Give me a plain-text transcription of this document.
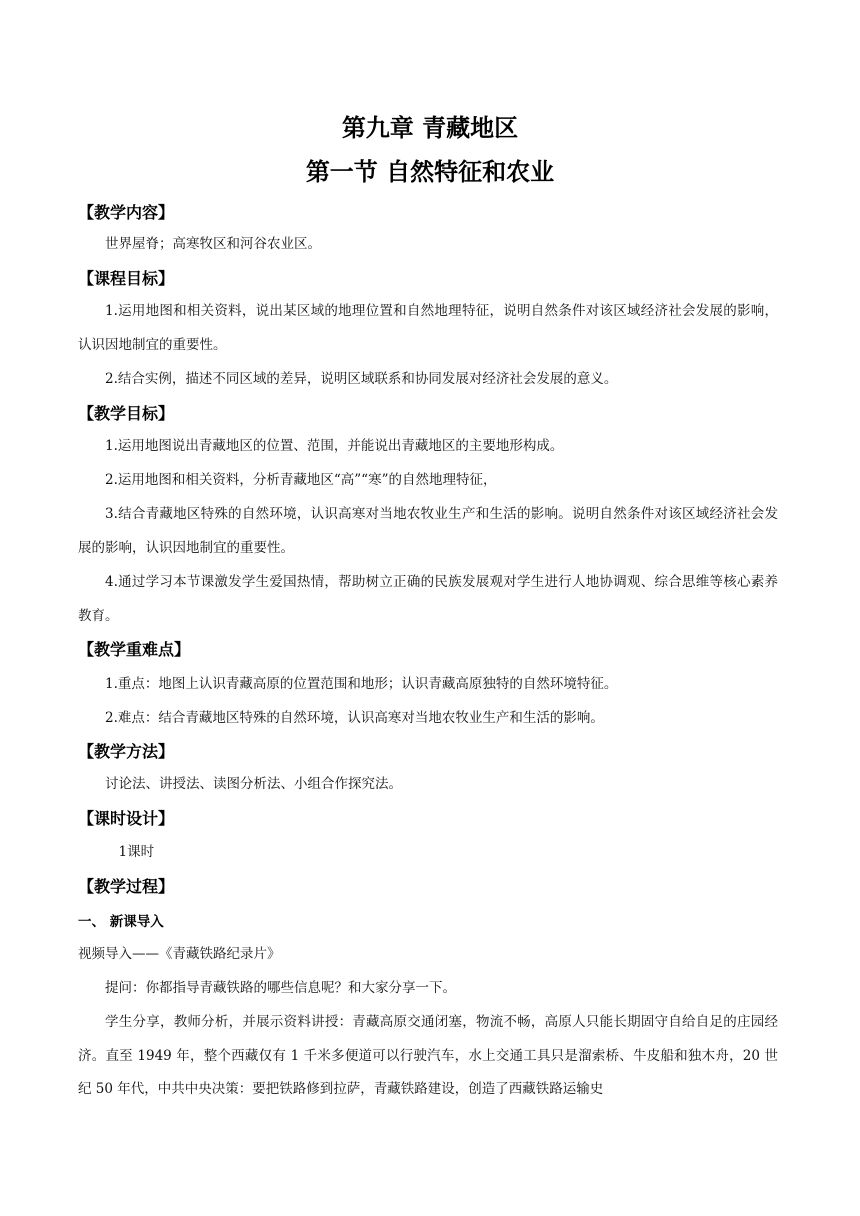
第九章 青藏地区
第一节 自然特征和农业
【教学内容】

世界屋脊；高寒牧区和河谷农业区。

【课程目标】

1.运用地图和相关资料，说出某区域的地理位置和自然地理特征，说明自然条件对该区域经济社会发展的影响，认识因地制宜的重要性。

2.结合实例，描述不同区域的差异，说明区域联系和协同发展对经济社会发展的意义。

【教学目标】

1.运用地图说出青藏地区的位置、范围，并能说出青藏地区的主要地形构成。

2.运用地图和相关资料，分析青藏地区“高”“寒”的自然地理特征，

3.结合青藏地区特殊的自然环境，认识高寒对当地农牧业生产和生活的影响。说明自然条件对该区域经济社会发展的影响，认识因地制宜的重要性。

4.通过学习本节课激发学生爱国热情，帮助树立正确的民族发展观对学生进行人地协调观、综合思维等核心素养教育。

【教学重难点】

1.重点：地图上认识青藏高原的位置范围和地形；认识青藏高原独特的自然环境特征。

2.难点：结合青藏地区特殊的自然环境，认识高寒对当地农牧业生产和生活的影响。

【教学方法】

讨论法、讲授法、读图分析法、小组合作探究法。

【课时设计】

1课时

【教学过程】
一、 新课导入

视频导入——《青藏铁路纪录片》

提问：你都指导青藏铁路的哪些信息呢？和大家分享一下。

学生分享，教师分析，并展示资料讲授：青藏高原交通闭塞，物流不畅，高原人只能长期固守自给自足的庄园经济。直至 1949 年，整个西藏仅有 1 千米多便道可以行驶汽车，水上交通工具只是溜索桥、牛皮船和独木舟，20 世纪 50 年代，中共中央决策：要把铁路修到拉萨，青藏铁路建设，创造了西藏铁路运输史
